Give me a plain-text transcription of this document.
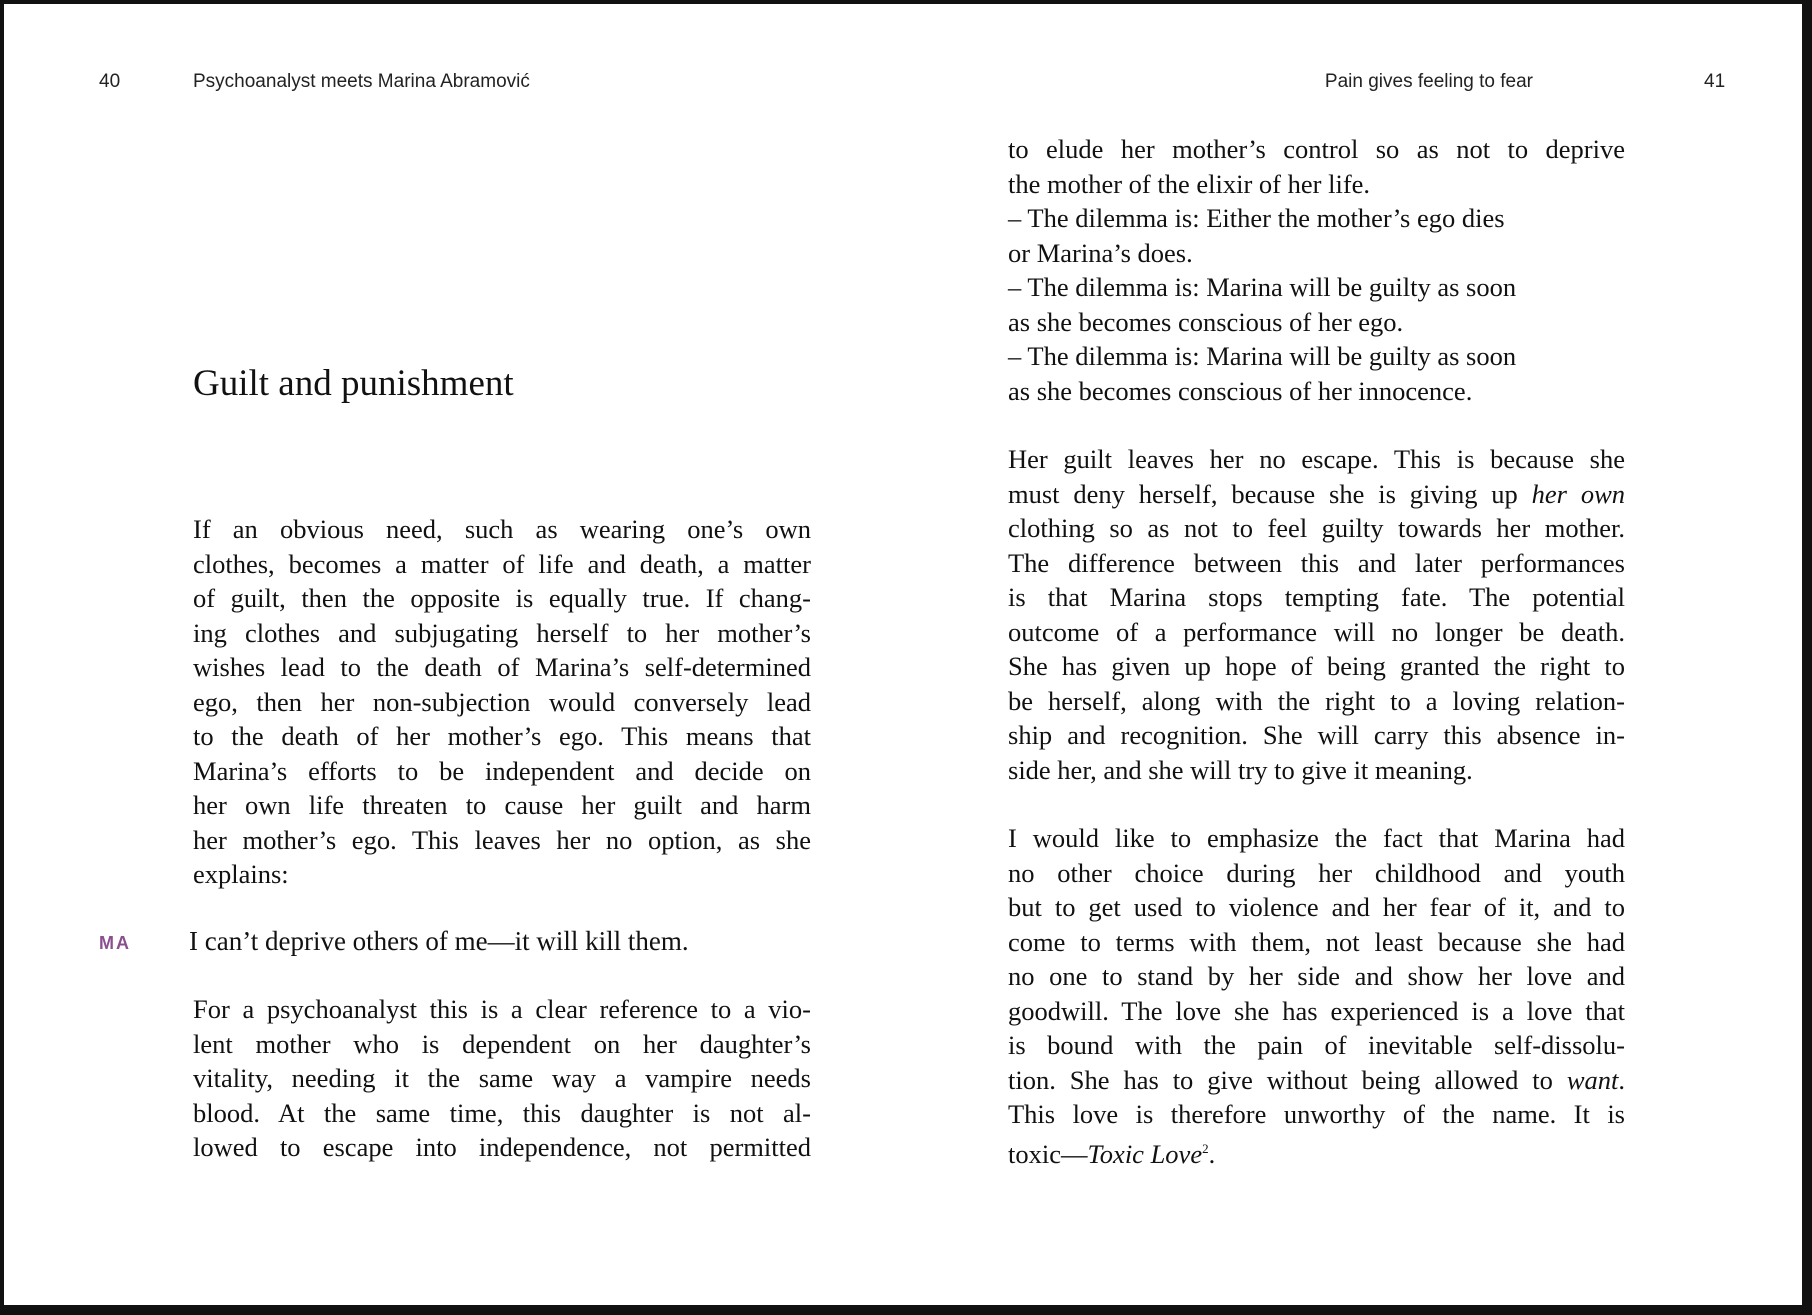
40	Psychoanalyst meets Marina Abramović
Guilt and punishment
If an obvious need, such as wearing one’s own
clothes, becomes a matter of life and death, a matter
of guilt, then the opposite is equally true. If chang-
ing clothes and subjugating herself to her mother’s
wishes lead to the death of Marina’s self-determined
ego, then her non-subjection would conversely lead
to the death of her mother’s ego. This means that
Marina’s efforts to be independent and decide on
her own life threaten to cause her guilt and harm
her mother’s ego. This leaves her no option, as she
explains:
MA I can’t deprive others of me—it will kill them.
For a psychoanalyst this is a clear reference to a vio-
lent mother who is dependent on her daughter’s
vitality, needing it the same way a vampire needs
blood. At the same time, this daughter is not al-
lowed to escape into independence, not permitted
Pain gives feeling to fear	41
to elude her mother’s control so as not to deprive
the mother of the elixir of her life.
– The dilemma is: Either the mother’s ego dies
or Marina’s does.
– The dilemma is: Marina will be guilty as soon
as she becomes conscious of her ego.
– The dilemma is: Marina will be guilty as soon
as she becomes conscious of her innocence.
Her guilt leaves her no escape. This is because she
must deny herself, because she is giving up her own
clothing so as not to feel guilty towards her mother.
The difference between this and later performances
is that Marina stops tempting fate. The potential
outcome of a performance will no longer be death.
She has given up hope of being granted the right to
be herself, along with the right to a loving relation-
ship and recognition. She will carry this absence in-
side her, and she will try to give it meaning.
I would like to emphasize the fact that Marina had
no other choice during her childhood and youth
but to get used to violence and her fear of it, and to
come to terms with them, not least because she had
no one to stand by her side and show her love and
goodwill. The love she has experienced is a love that
is bound with the pain of inevitable self-dissolu-
tion. She has to give without being allowed to want.
This love is therefore unworthy of the name. It is
toxic—Toxic Love$^2$.
